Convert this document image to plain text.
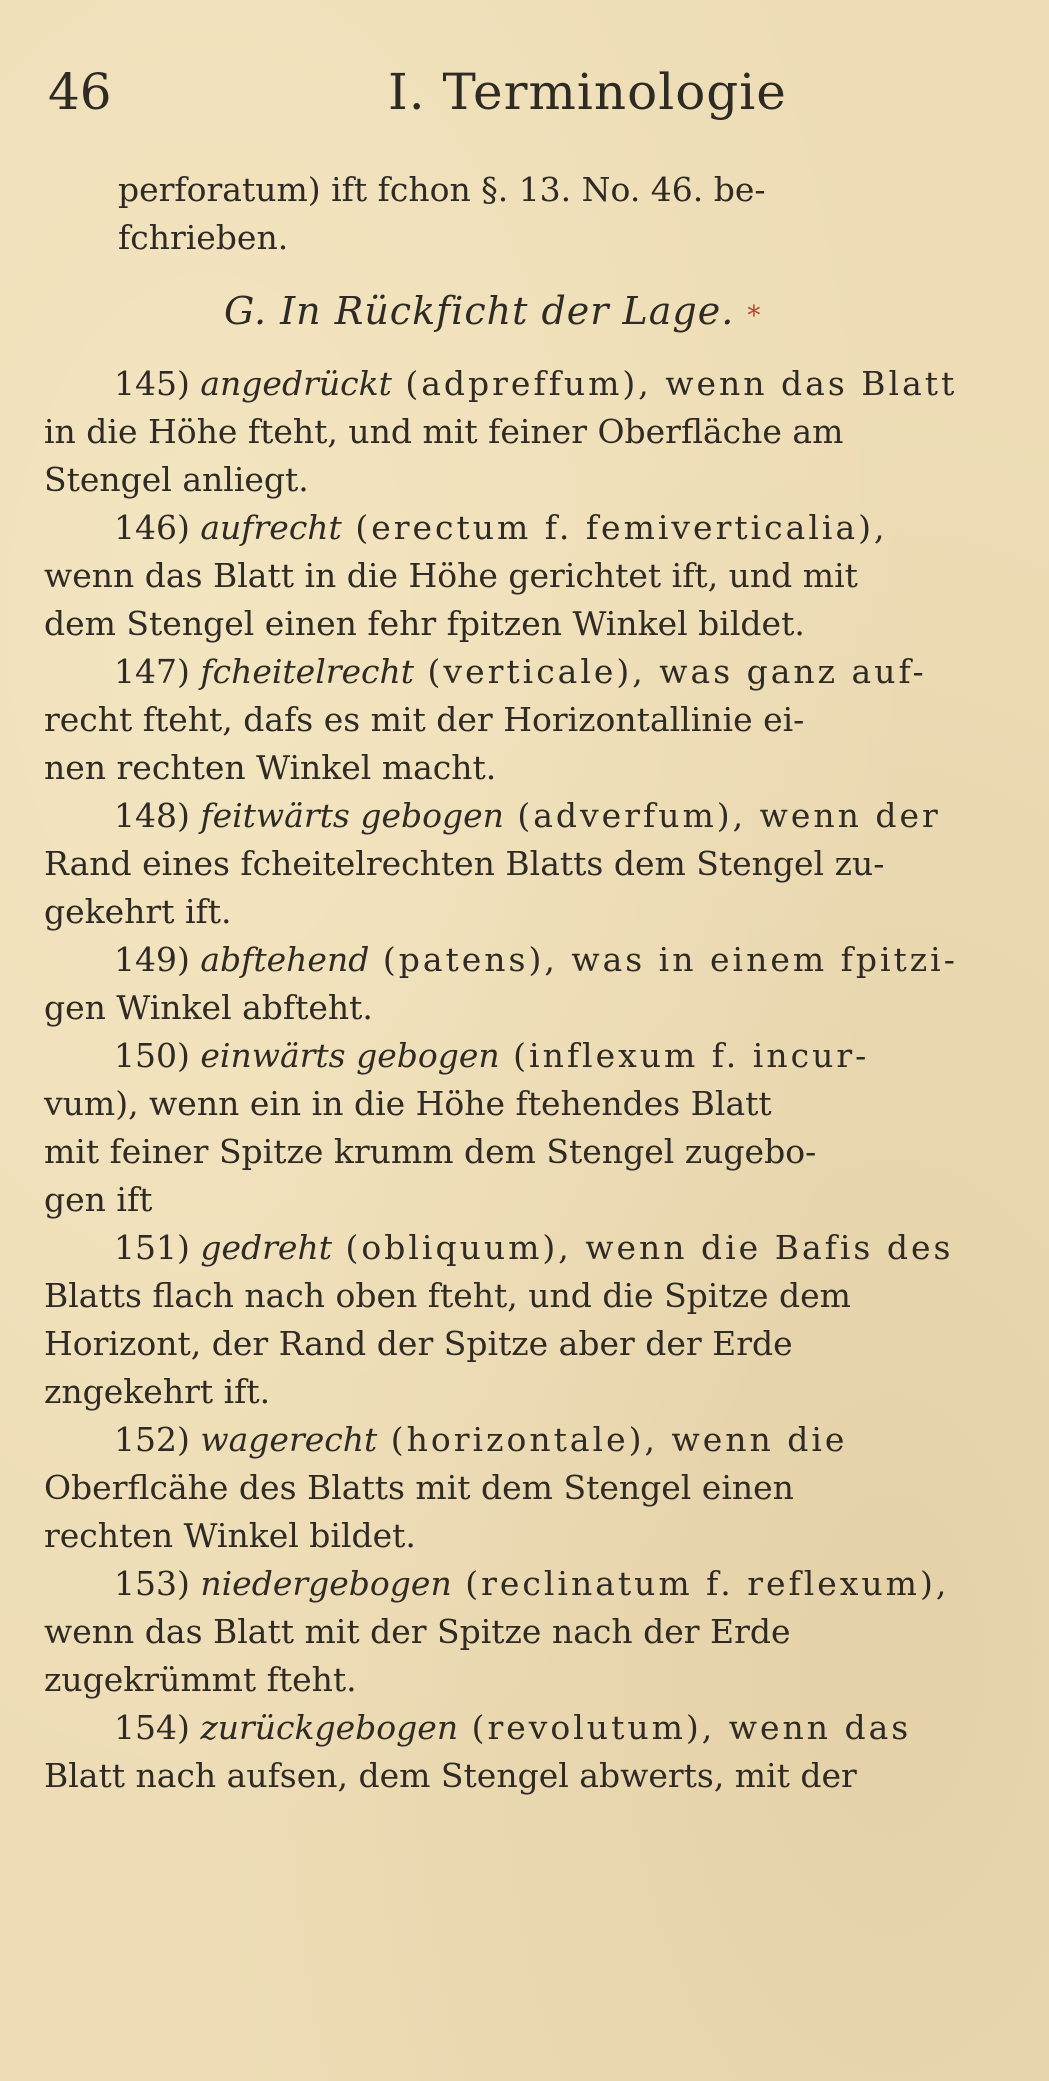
46	I. Terminologie
perforatum) ift fchon §. 13. No. 46. be-
fchrieben.
G. In Rückficht der Lage. *
145) angedrückt (adpreffum), wenn das Blatt
in die Höhe fteht, und mit feiner Oberfläche am
Stengel anliegt.
146) aufrecht (erectum f. femiverticalia),
wenn das Blatt in die Höhe gerichtet ift, und mit
dem Stengel einen fehr fpitzen Winkel bildet.
147) fcheitelrecht (verticale), was ganz auf-
recht fteht, dafs es mit der Horizontallinie ei-
nen rechten Winkel macht.
148) feitwärts gebogen (adverfum), wenn der
Rand eines fcheitelrechten Blatts dem Stengel zu-
gekehrt ift.
149) abftehend (patens), was in einem fpitzi-
gen Winkel abfteht.
150) einwärts gebogen (inflexum f. incur-
vum), wenn ein in die Höhe ftehendes Blatt
mit feiner Spitze krumm dem Stengel zugebo-
gen ift
151) gedreht (obliquum), wenn die Bafis des
Blatts flach nach oben fteht, und die Spitze dem
Horizont, der Rand der Spitze aber der Erde
zngekehrt ift.
152) wagerecht (horizontale), wenn die
Oberflcähe des Blatts mit dem Stengel einen
rechten Winkel bildet.
153) niedergebogen (reclinatum f. reflexum),
wenn das Blatt mit der Spitze nach der Erde
zugekrümmt fteht.
154) zurückgebogen (revolutum), wenn das
Blatt nach aufsen, dem Stengel abwerts, mit der
